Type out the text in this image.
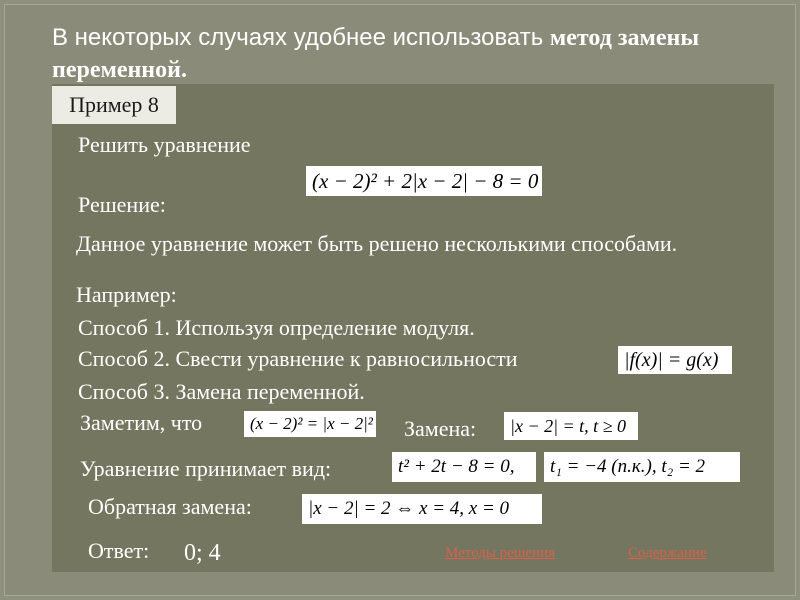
В некоторых случаях удобнее использовать метод замены
переменной.
Пример 8
Решить уравнение
(x − 2)² + 2|x − 2| − 8 = 0
Решение:
Данное уравнение может быть решено несколькими способами.
Например:
Способ 1. Используя определение модуля.
Способ 2. Свести уравнение к равносильности	|f(x)| = g(x)
Способ 3. Замена переменной.
Заметим, что	(x − 2)² = |x − 2|² Замена: |x − 2| = t, t ≥ 0
Уравнение принимает вид:	t² + 2t − 8 = 0, t₁ = −4 (п.к.), t₂ = 2
Обратная замена:	|x − 2| = 2 ⇔ x = 4, x = 0
Ответ: 0; 4	Методы решения	Содержание
